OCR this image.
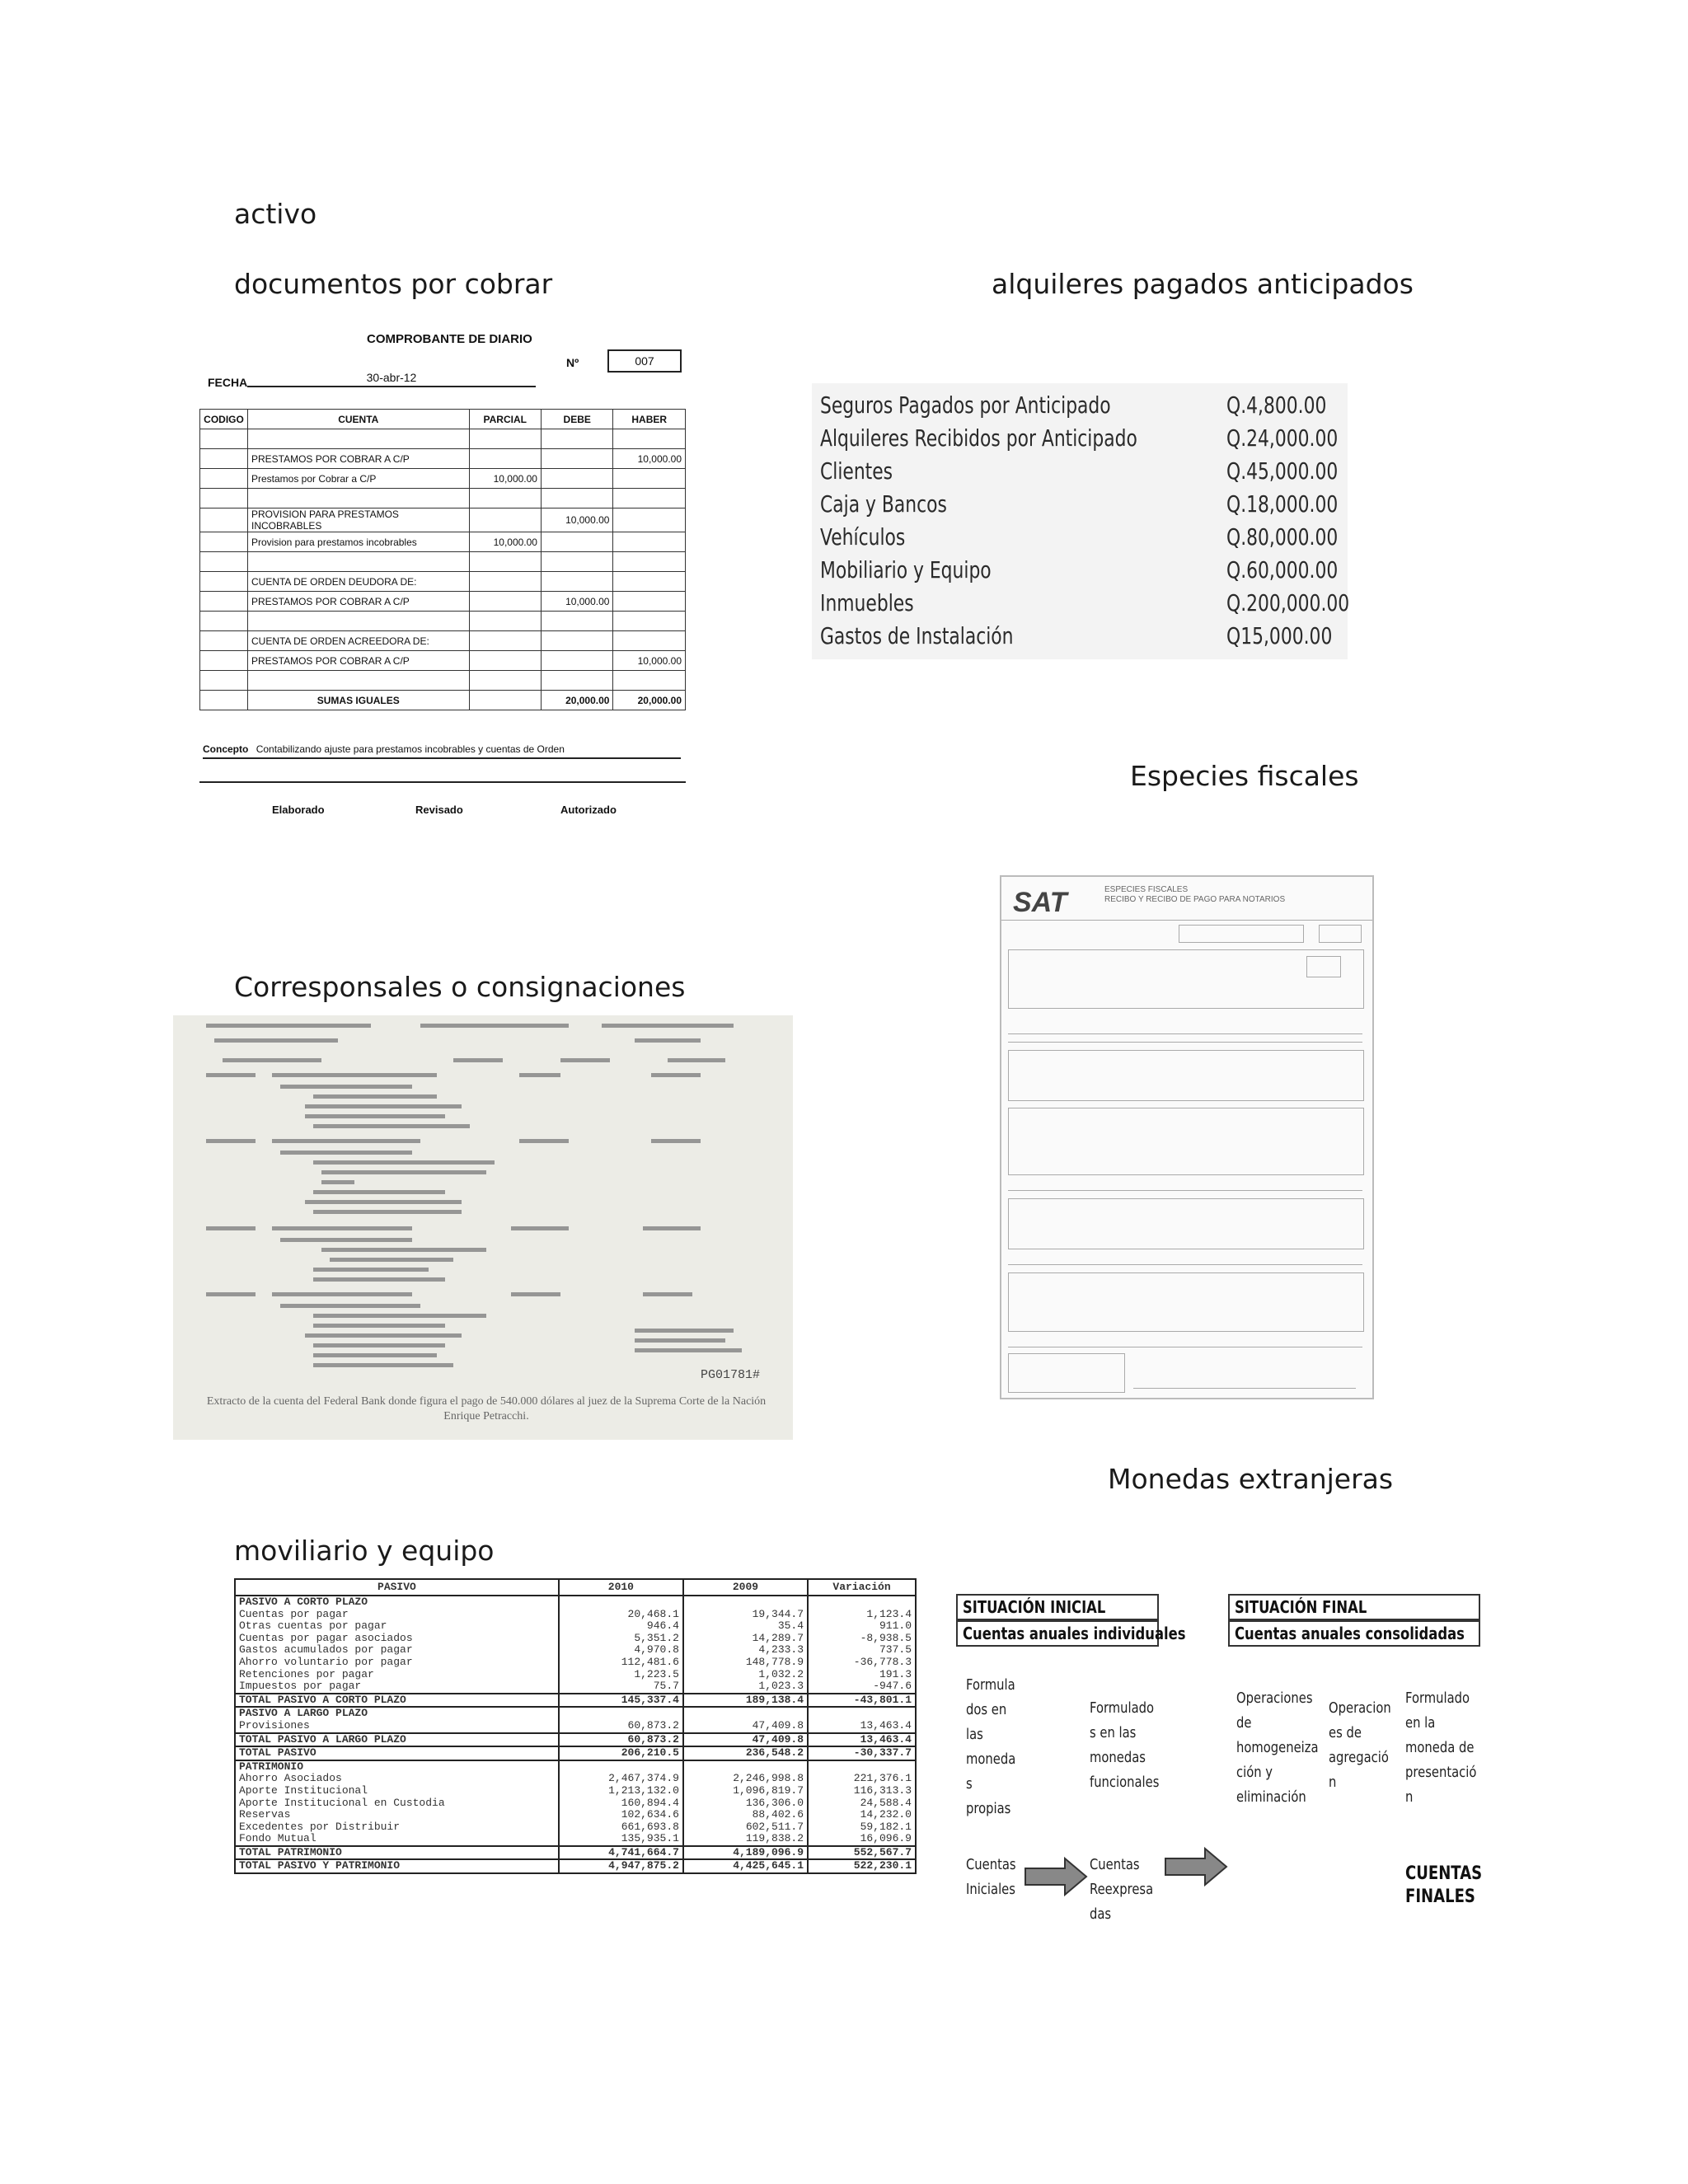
activo
documentos por cobrar	alquileres pagados anticipados
Especies fiscales
Corresponsales o consignaciones
Monedas extranjeras
moviliario y equipo
COMPROBANTE DE DIARIO
Nº	007
FECHA	30-abr-12
CODIGO	CUENTA	PARCIAL	DEBE	HABER

	PRESTAMOS POR COBRAR A C/P			10,000.00
	Prestamos por Cobrar a C/P	10,000.00		

	PROVISION PARA PRESTAMOS INCOBRABLES		10,000.00	
	Provision para prestamos incobrables	10,000.00		

	CUENTA DE ORDEN DEUDORA DE:			
	PRESTAMOS POR COBRAR A C/P		10,000.00	

	CUENTA DE ORDEN ACREEDORA DE:			
	PRESTAMOS POR COBRAR A C/P			10,000.00

	SUMAS IGUALES		20,000.00	20,000.00
Concepto Contabilizando ajuste para prestamos incobrables y cuentas de Orden
Elaborado	Revisado	Autorizado
Seguros Pagados por Anticipado	Q.4,800.00
Alquileres Recibidos por Anticipado	Q.24,000.00
Clientes	Q.45,000.00
Caja y Bancos	Q.18,000.00
Vehículos	Q.80,000.00
Mobiliario y Equipo	Q.60,000.00
Inmuebles	Q.200,000.00
Gastos de Instalación	Q15,000.00
SAT	ESPECIES FISCALES
RECIBO Y RECIBO DE PAGO PARA NOTARIOS
PG01781#
Extracto de la cuenta del Federal Bank donde figura el pago de 540.000 dólares al juez de la Suprema Corte de la Nación Enrique Petracchi.
PASIVO	2010	2009	Variación
PASIVO A CORTO PLAZO			
Cuentas por pagar	20,468.1	19,344.7	1,123.4
Otras cuentas por pagar	946.4	35.4	911.0
Cuentas por pagar asociados	5,351.2	14,289.7	-8,938.5
Gastos acumulados por pagar	4,970.8	4,233.3	737.5
Ahorro voluntario por pagar	112,481.6	148,778.9	-36,778.3
Retenciones por pagar	1,223.5	1,032.2	191.3
Impuestos por pagar	75.7	1,023.3	-947.6
TOTAL PASIVO A CORTO PLAZO	145,337.4	189,138.4	-43,801.1
PASIVO A LARGO PLAZO			
Provisiones	60,873.2	47,409.8	13,463.4
TOTAL PASIVO A LARGO PLAZO	60,873.2	47,409.8	13,463.4
TOTAL PASIVO	206,210.5	236,548.2	-30,337.7
PATRIMONIO			
Ahorro Asociados	2,467,374.9	2,246,998.8	221,376.1
Aporte Institucional	1,213,132.0	1,096,819.7	116,313.3
Aporte Institucional en Custodia	160,894.4	136,306.0	24,588.4
Reservas	102,634.6	88,402.6	14,232.0
Excedentes por Distribuir	661,693.8	602,511.7	59,182.1
Fondo Mutual	135,935.1	119,838.2	16,096.9
TOTAL PATRIMONIO	4,741,664.7	4,189,096.9	552,567.7
TOTAL PASIVO Y PATRIMONIO	4,947,875.2	4,425,645.1	522,230.1
SITUACIÓN INICIAL
Cuentas anuales individuales
SITUACIÓN FINAL
Cuentas anuales consolidadas
Formula
dos en
las
moneda
s
propias
Formulado
s en las
monedas
funcionales
Operaciones
de
homogeneiza
ción y
eliminación
Operacion
es de
agregació
n
Formulado
en la
moneda de
presentació
n
Cuentas
Iniciales
Cuentas
Reexpresa
das
CUENTAS
FINALES
